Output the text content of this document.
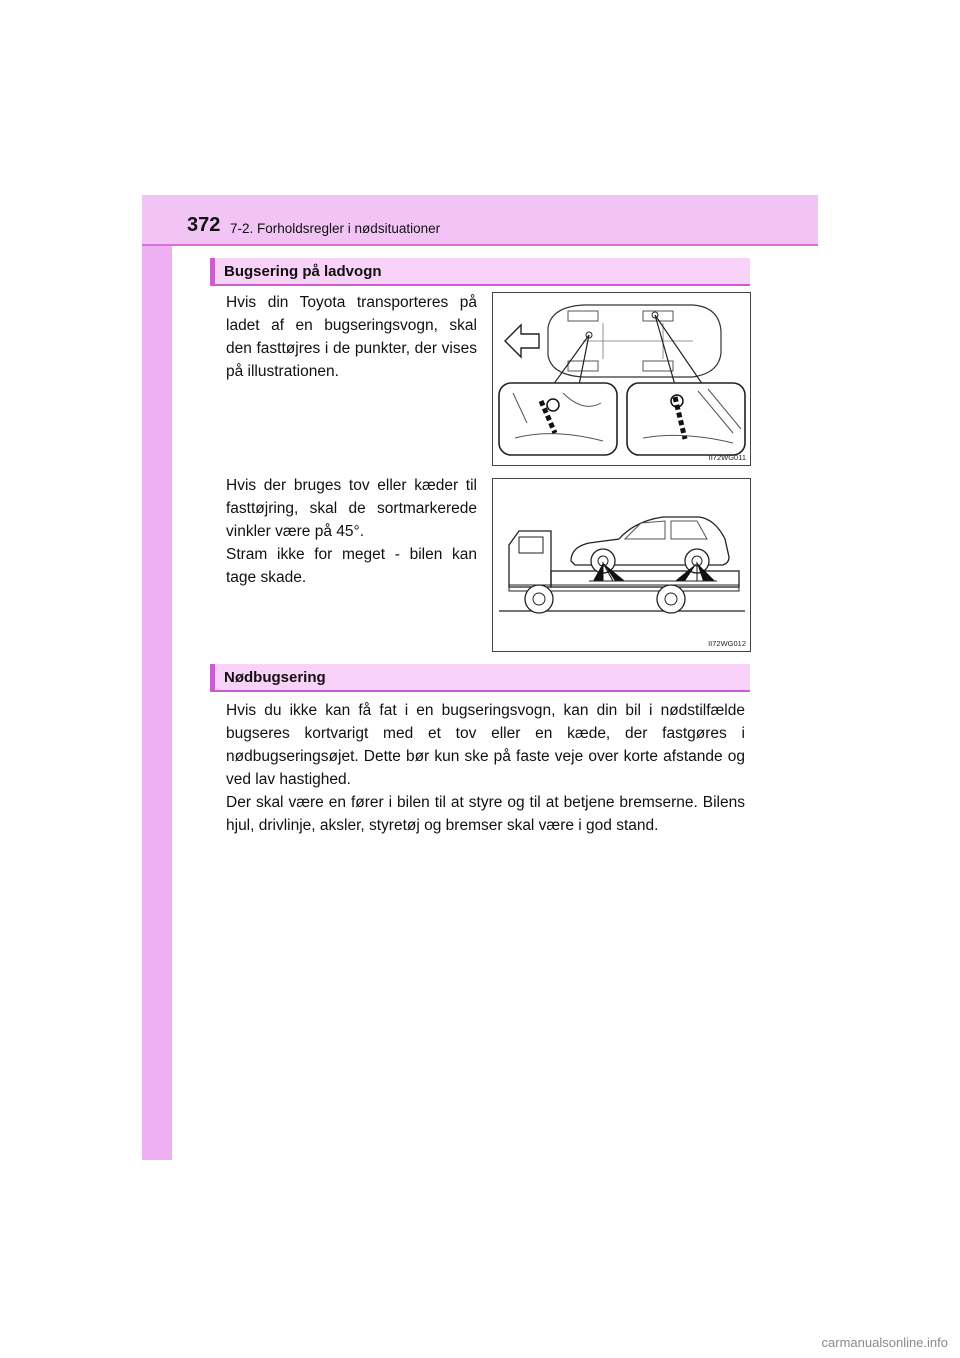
372 7-2. Forholdsregler i nødsituationer
Bugsering på ladvogn
Hvis din Toyota transporteres på ladet af en bugseringsvogn, skal den fasttøjres i de punkter, der vises på illustrationen.
Hvis der bruges tov eller kæder til fasttøjring, skal de sortmarkerede vinkler være på 45°.
Stram ikke for meget - bilen kan tage skade.
II72WG011
II72WG012
Nødbugsering
Hvis du ikke kan få fat i en bugseringsvogn, kan din bil i nødstilfælde bugseres kortvarigt med et tov eller en kæde, der fastgøres i nødbugseringsøjet. Dette bør kun ske på faste veje over korte afstande og ved lav hastighed.
Der skal være en fører i bilen til at styre og til at betjene bremserne. Bilens hjul, drivlinje, aksler, styretøj og bremser skal være i god stand.
carmanualsonline.info
